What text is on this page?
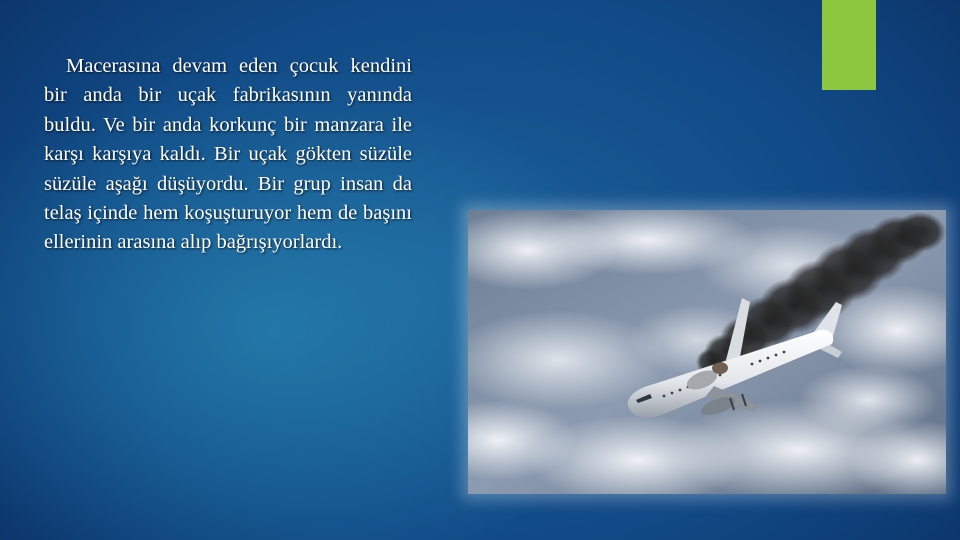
Macerasına devam eden çocuk kendini bir anda bir uçak fabrikasının yanında buldu. Ve bir anda korkunç bir manzara ile karşı karşıya kaldı. Bir uçak gökten süzüle süzüle aşağı düşüyordu. Bir grup insan da telaş içinde hem koşuşturuyor hem de başını ellerinin arasına alıp bağrışıyorlardı.
